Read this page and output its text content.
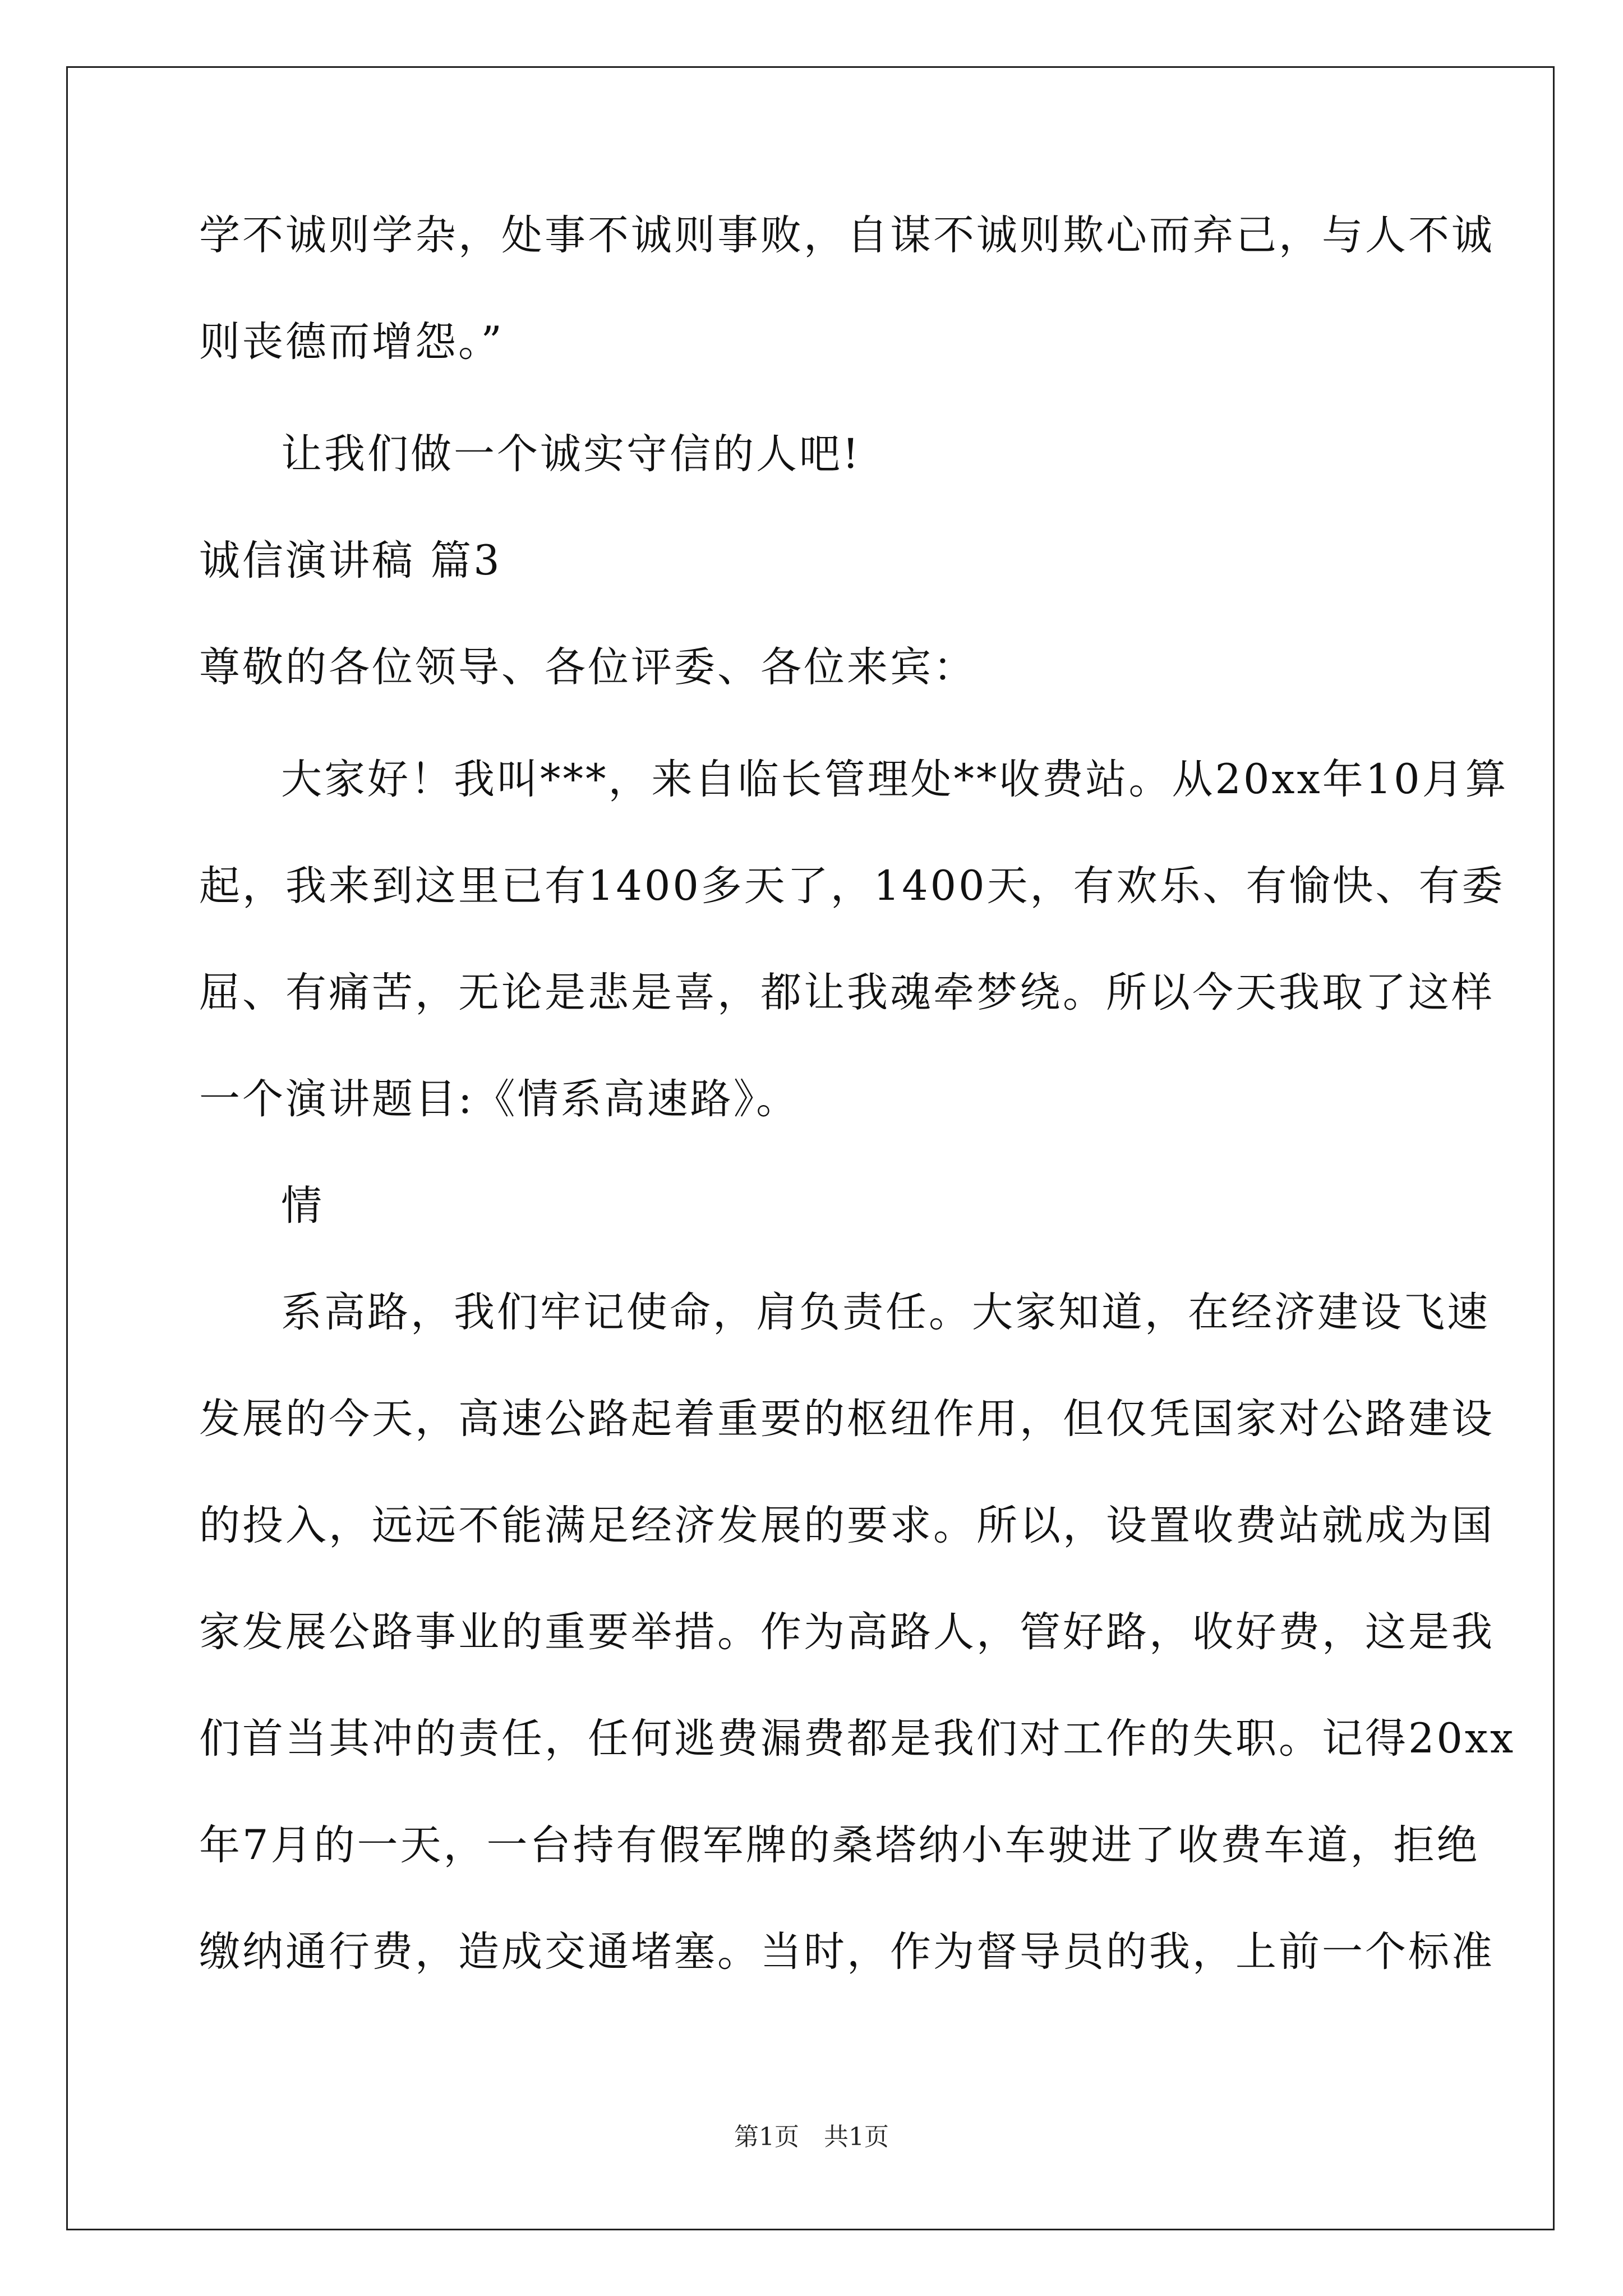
学不诚则学杂，处事不诚则事败，自谋不诚则欺心而弃己，与人不诚
则丧德而增怨。”
让我们做一个诚实守信的人吧!
诚信演讲稿 篇3
尊敬的各位领导、各位评委、各位来宾：
大家好！我叫***，来自临长管理处**收费站。从20xx年10月算
起，我来到这里已有1400多天了，1400天，有欢乐、有愉快、有委
屈、有痛苦，无论是悲是喜，都让我魂牵梦绕。所以今天我取了这样
一个演讲题目:《情系高速路》。
情
系高路，我们牢记使命，肩负责任。大家知道，在经济建设飞速
发展的今天，高速公路起着重要的枢纽作用，但仅凭国家对公路建设
的投入，远远不能满足经济发展的要求。所以，设置收费站就成为国
家发展公路事业的重要举措。作为高路人，管好路，收好费，这是我
们首当其冲的责任，任何逃费漏费都是我们对工作的失职。记得20xx
年7月的一天，一台持有假军牌的桑塔纳小车驶进了收费车道，拒绝
缴纳通行费，造成交通堵塞。当时，作为督导员的我，上前一个标准
第1页　共1页
